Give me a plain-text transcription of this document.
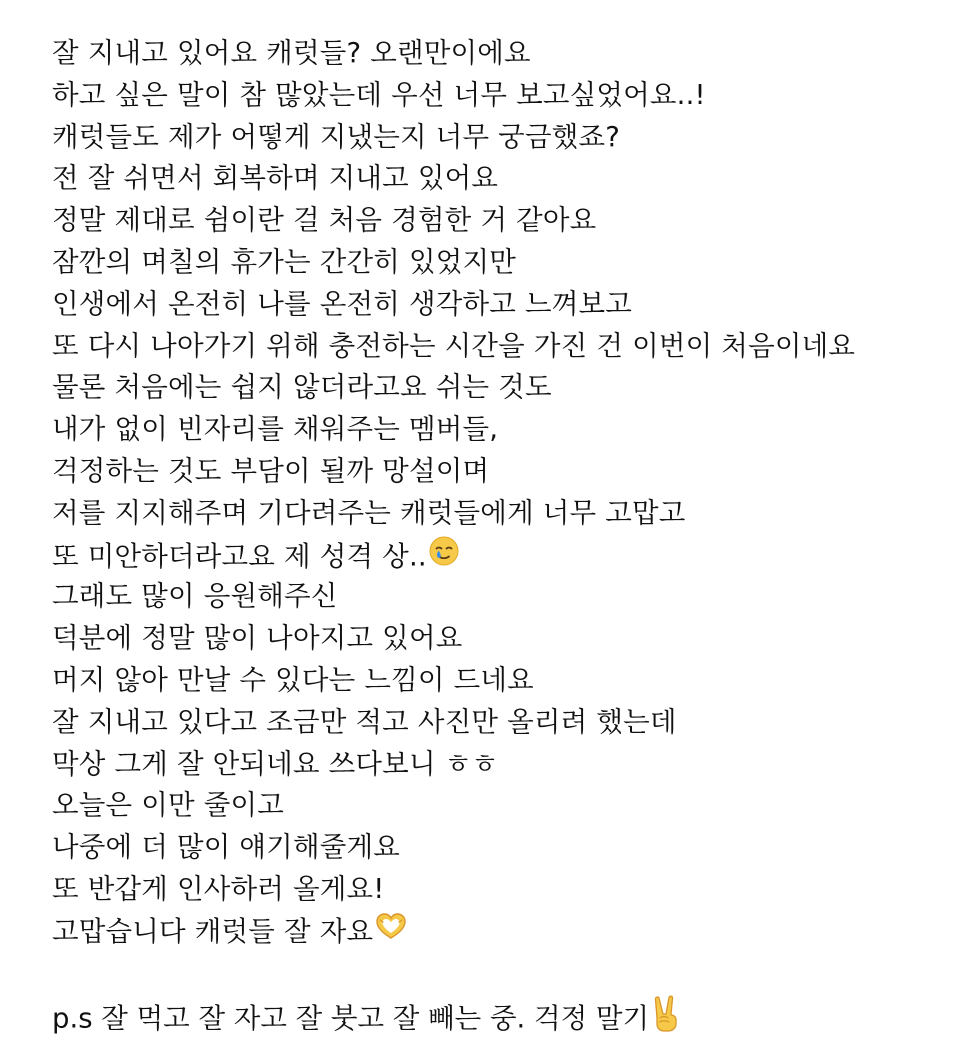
잘 지내고 있어요 캐럿들? 오랜만이에요
하고 싶은 말이 참 많았는데 우선 너무 보고싶었어요..!
캐럿들도 제가 어떻게 지냈는지 너무 궁금했죠?
전 잘 쉬면서 회복하며 지내고 있어요
정말 제대로 쉼이란 걸 처음 경험한 거 같아요
잠깐의 며칠의 휴가는 간간히 있었지만
인생에서 온전히 나를 온전히 생각하고 느껴보고
또 다시 나아가기 위해 충전하는 시간을 가진 건 이번이 처음이네요
물론 처음에는 쉽지 않더라고요 쉬는 것도
내가 없이 빈자리를 채워주는 멤버들,
걱정하는 것도 부담이 될까 망설이며
저를 지지해주며 기다려주는 캐럿들에게 너무 고맙고
또 미안하더라고요 제 성격 상..
그래도 많이 응원해주신
덕분에 정말 많이 나아지고 있어요
머지 않아 만날 수 있다는 느낌이 드네요
잘 지내고 있다고 조금만 적고 사진만 올리려 했는데
막상 그게 잘 안되네요 쓰다보니 ㅎㅎ
오늘은 이만 줄이고
나중에 더 많이 얘기해줄게요
또 반갑게 인사하러 올게요!
고맙습니다 캐럿들 잘 자요
p.s 잘 먹고 잘 자고 잘 붓고 잘 빼는 중. 걱정 말기
